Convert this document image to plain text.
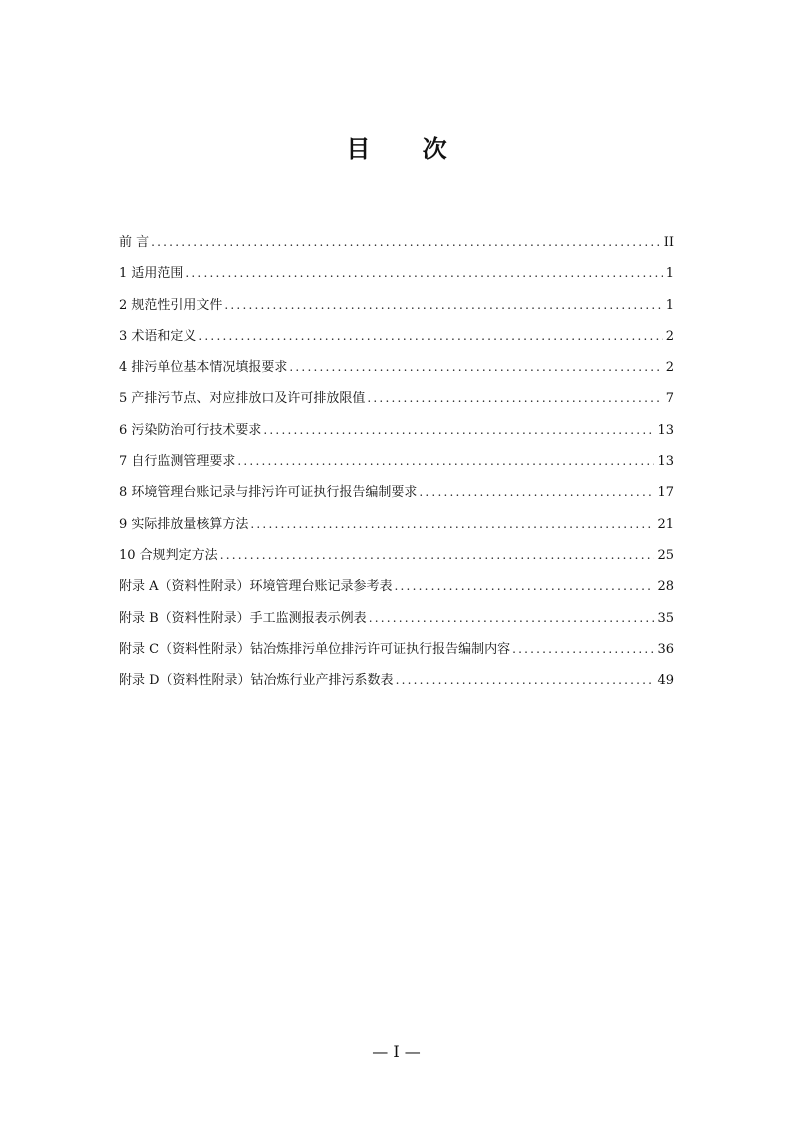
目 次
前 言 .....	II
1 适用范围 .....	1
2 规范性引用文件 .....	1
3 术语和定义 .....	2
4 排污单位基本情况填报要求 .....	2
5 产排污节点、对应排放口及许可排放限值 .....	7
6 污染防治可行技术要求 .....	13
7 自行监测管理要求 .....	13
8 环境管理台账记录与排污许可证执行报告编制要求 .....	17
9 实际排放量核算方法 .....	21
10 合规判定方法 .....	25
附录 A（资料性附录）环境管理台账记录参考表 .....	28
附录 B（资料性附录）手工监测报表示例表 .....	35
附录 C（资料性附录）钴冶炼排污单位排污许可证执行报告编制内容 .....	36
附录 D（资料性附录）钴冶炼行业产排污系数表 .....	49
— I —
